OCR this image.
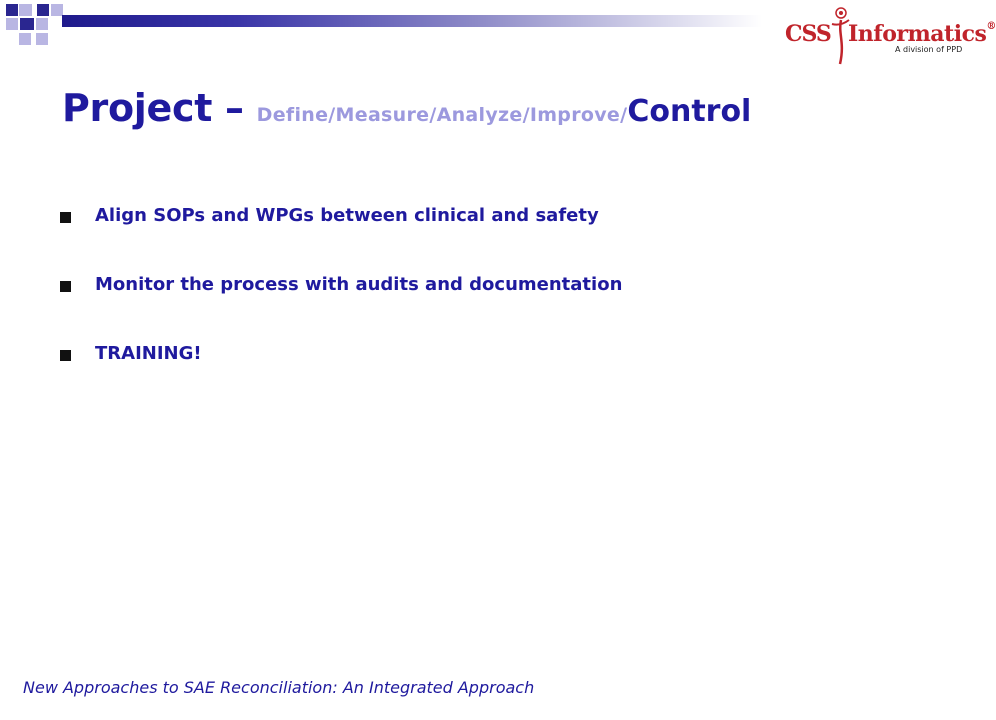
CSS Informatics®
A division of PPD
Project – Define/Measure/Analyze/Improve/Control
Align SOPs and WPGs between clinical and safety
Monitor the process with audits and documentation
TRAINING!
New Approaches to SAE Reconciliation: An Integrated Approach
